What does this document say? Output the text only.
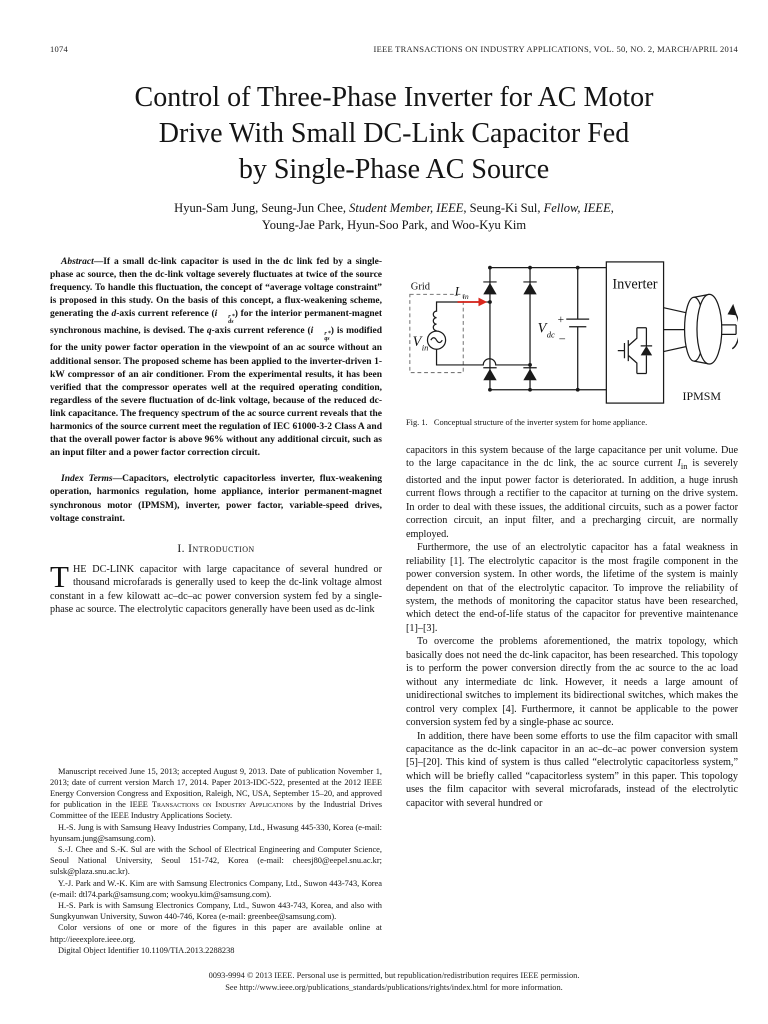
1074	IEEE TRANSACTIONS ON INDUSTRY APPLICATIONS, VOL. 50, NO. 2, MARCH/APRIL 2014
Control of Three-Phase Inverter for AC Motor
Drive With Small DC-Link Capacitor Fed
by Single-Phase AC Source
Hyun-Sam Jung, Seung-Jun Chee, Student Member, IEEE, Seung-Ki Sul, Fellow, IEEE,
Young-Jae Park, Hyun-Soo Park, and Woo-Kyu Kim

Abstract—If a small dc-link capacitor is used in the dc link fed by a single-phase ac source, then the dc-link voltage severely fluctuates at twice of the source frequency. To handle this fluctuation, the concept of “average voltage constraint” is proposed in this study. On the basis of this concept, a flux-weakening scheme, generating the d-axis current reference (i	r *
ds
) for the interior permanent-magnet synchronous machine, is devised. The q-axis current reference (i	r *
qs
) is modified for the unity power factor operation in the viewpoint of an ac source without an additional sensor. The proposed scheme has been applied to the inverter-driven 1-kW compressor of an air conditioner. From the experimental results, it has been verified that the compressor operates well at the required operating condition, regardless of the severe fluctuation of dc-link voltage, because of the reduced dc-link capacitance. The frequency spectrum of the ac source current reveals that the harmonics of the source current meet the regulation of IEC 61000-3-2 Class A and that the overall power factor is above 96% without any additional circuit, such as an input filter and a power factor correction circuit.

Index Terms—Capacitors, electrolytic capacitorless inverter, flux-weakening operation, harmonics regulation, home appliance, interior permanent-magnet synchronous motor (IPMSM), inverter, power factor, variable-speed drives, voltage constraint.

I. Introduction

THE DC-LINK capacitor with large capacitance of several hundred or thousand microfarads is generally used to keep the dc-link voltage almost constant in a few kilowatt ac–dc–ac power conversion system fed by a single-phase ac source. The electrolytic capacitors generally have been used as dc-link

Manuscript received June 15, 2013; accepted August 9, 2013. Date of publication November 1, 2013; date of current version March 17, 2014. Paper 2013-IDC-522, presented at the 2012 IEEE Energy Conversion Congress and Exposition, Raleigh, NC, USA, September 15–20, and approved for publication in the IEEE Transactions on Industry Applications by the Industrial Drives Committee of the IEEE Industry Applications Society.

H.-S. Jung is with Samsung Heavy Industries Company, Ltd., Hwasung 445-330, Korea (e-mail: hyunsam.jung@samsung.com).

S.-J. Chee and S.-K. Sul are with the School of Electrical Engineering and Computer Science, Seoul National University, Seoul 151-742, Korea (e-mail: cheesj80@eepel.snu.ac.kr; sulsk@plaza.snu.ac.kr).

Y.-J. Park and W.-K. Kim are with Samsung Electronics Company, Ltd., Suwon 443-743, Korea (e-mail: dtl74.park@samsung.com; wookyu.kim@samsung.com).

H.-S. Park is with Samsung Electronics Company, Ltd., Suwon 443-743, Korea, and also with Sungkyunwan University, Suwon 440-746, Korea (e-mail: greenbee@samsung.com).

Color versions of one or more of the figures in this paper are available online at http://ieeexplore.ieee.org.

Digital Object Identifier 10.1109/TIA.2013.2288238

Grid I in
V in
V dc
+
−
Inverter
IPMSM

Fig. 1.   Conceptual structure of the inverter system for home appliance.

capacitors in this system because of the large capacitance per unit volume. Due to the large capacitance in the dc link, the ac source current $I_{in}$ is severely distorted and the input power factor is deteriorated. In addition, a huge inrush current flows through a rectifier to the capacitor at turning on the drive system. In order to deal with these issues, the additional circuits, such as a power factor correction circuit, an input filter, and a precharging circuit, are normally employed.

Furthermore, the use of an electrolytic capacitor has a fatal weakness in reliability [1]. The electrolytic capacitor is the most fragile component in the power conversion system. In other words, the lifetime of the system is mainly dependent on that of the electrolytic capacitor. To improve the reliability of system, the methods of monitoring the capacitor status have been researched, which detect the end-of-life status of the capacitor for preventive maintenance [1]–[3].

To overcome the problems aforementioned, the matrix topology, which basically does not need the dc-link capacitor, has been researched. This topology is to perform the power conversion directly from the ac source to the ac load without any intermediate dc link. However, it needs a large amount of unidirectional switches to implement its bidirectional switches, which makes the control very complex [4]. Furthermore, it cannot be applicable to the power conversion system fed by a single-phase ac source.

In addition, there have been some efforts to use the film capacitor with small capacitance as the dc-link capacitor in an ac–dc–ac power conversion system [5]–[20]. This kind of system is thus called “electrolytic capacitorless system,” which will be briefly called “capacitorless system” in this paper. This topology uses the film capacitor with several microfarads, instead of the electrolytic capacitor with several hundred or

0093-9994 © 2013 IEEE. Personal use is permitted, but republication/redistribution requires IEEE permission.
See http://www.ieee.org/publications_standards/publications/rights/index.html for more information.
